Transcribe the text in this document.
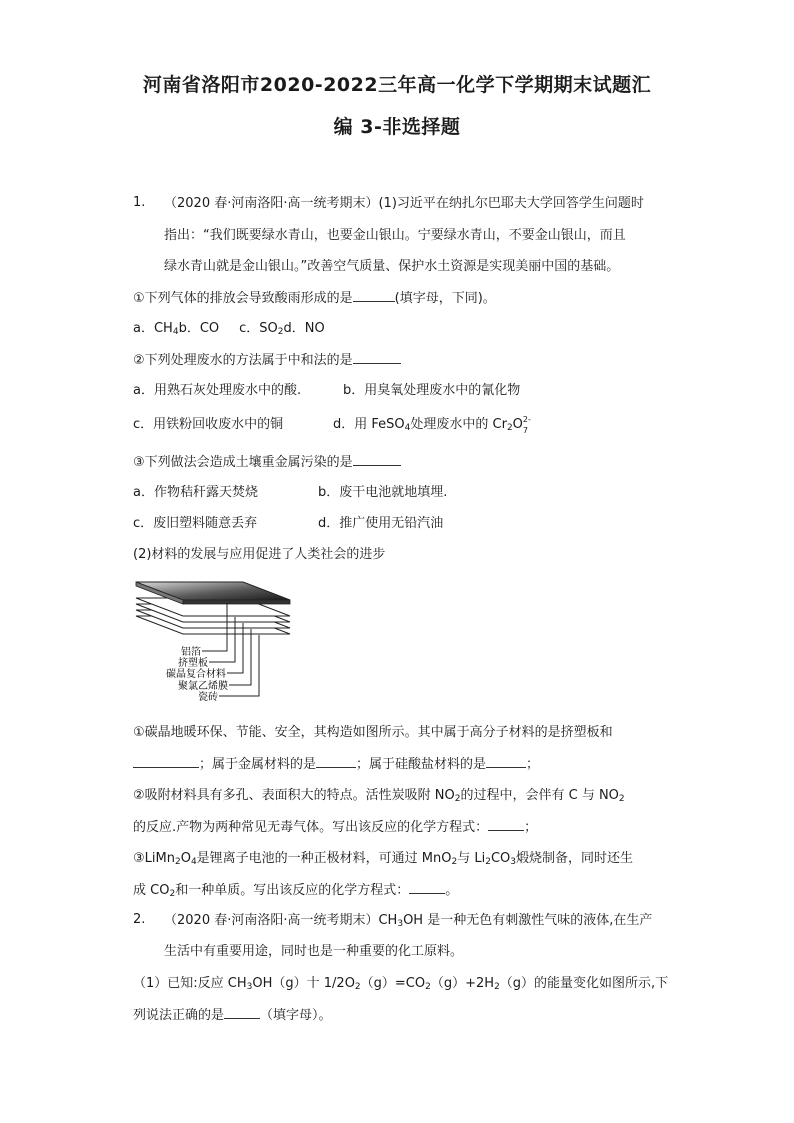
河南省洛阳市2020-2022三年高一化学下学期期末试题汇
编 3-非选择题
1. （2020 春·河南洛阳·高一统考期末）(1)习近平在纳扎尔巴耶夫大学回答学生问题时
指出：“我们既要绿水青山，也要金山银山。宁要绿水青山，不要金山银山，而且
绿水青山就是金山银山。”改善空气质量、保护水土资源是实现美丽中国的基础。
①下列气体的排放会导致酸雨形成的是	(填字母，下同)。
a．$CH_4b$．CO c．$SO_2d$．NO
②下列处理废水的方法属于中和法的是
a．用熟石灰处理废水中的酸.	b．用臭氧处理废水中的氰化物
c．用铁粉回收废水中的铜	d．用 FeSO$_4$处理废水中的 $Cr_2O$ 2-
7
③下列做法会造成土壤重金属污染的是
a．作物秸秆露天焚烧	b．废干电池就地填埋.
c．废旧塑料随意丢弃	d．推广使用无铅汽油
(2)材料的发展与应用促进了人类社会的进步
铝箔
挤塑板
碳晶复合材料
聚氯乙烯膜
瓷砖
①碳晶地暖环保、节能、安全，其构造如图所示。其中属于高分子材料的是挤塑板和
；属于金属材料的是	；属于硅酸盐材料的是	；
②吸附材料具有多孔、表面积大的特点。活性炭吸附 $NO_2$的过程中，会伴有 C 与 $NO_2$
的反应.产物为两种常见无毒气体。写出该反应的化学方程式：	；
$③LiMn_2O_4$是锂离子电池的一种正极材料，可通过 MnO$_2$与 $Li_2CO_3$煅烧制备，同时还生
成 $CO_2$和一种单质。写出该反应的化学方程式：	。
2. （2020 春·河南洛阳·高一统考期末）$CH_3OH$ 是一种无色有刺激性气味的液体,在生产
生活中有重要用途，同时也是一种重要的化工原料。
（1）已知:反应 $CH_3OH(g)$十 $1/2O_2(g)=CO_2(g)+2H_2(g)$的能量变化如图所示,下
列说法正确的是	（填字母）。
